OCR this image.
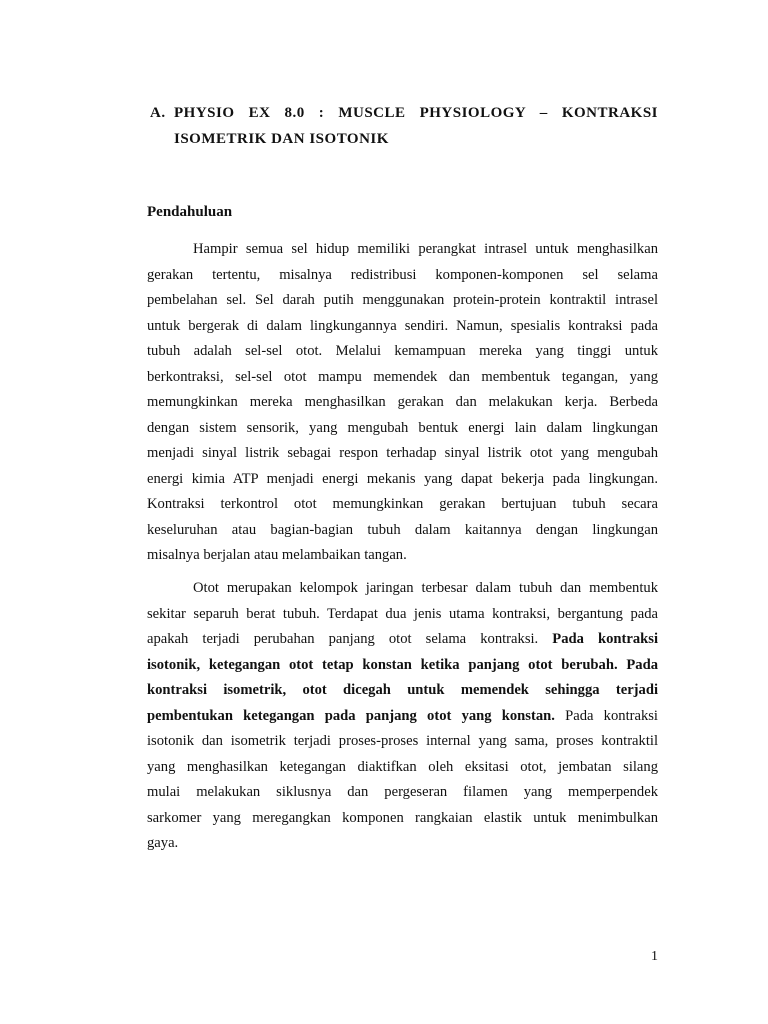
A. PHYSIO EX 8.0 : MUSCLE PHYSIOLOGY – KONTRAKSI
ISOMETRIK DAN ISOTONIK
Pendahuluan
Hampir semua sel hidup memiliki perangkat intrasel untuk menghasilkan
gerakan tertentu, misalnya redistribusi komponen-komponen sel selama
pembelahan sel. Sel darah putih menggunakan protein-protein kontraktil intrasel
untuk bergerak di dalam lingkungannya sendiri. Namun, spesialis kontraksi pada
tubuh adalah sel-sel otot. Melalui kemampuan mereka yang tinggi untuk
berkontraksi, sel-sel otot mampu memendek dan membentuk tegangan, yang
memungkinkan mereka menghasilkan gerakan dan melakukan kerja. Berbeda
dengan sistem sensorik, yang mengubah bentuk energi lain dalam lingkungan
menjadi sinyal listrik sebagai respon terhadap sinyal listrik otot yang mengubah
energi kimia ATP menjadi energi mekanis yang dapat bekerja pada lingkungan.
Kontraksi terkontrol otot memungkinkan gerakan bertujuan tubuh secara
keseluruhan atau bagian-bagian tubuh dalam kaitannya dengan lingkungan
misalnya berjalan atau melambaikan tangan.
Otot merupakan kelompok jaringan terbesar dalam tubuh dan membentuk
sekitar separuh berat tubuh. Terdapat dua jenis utama kontraksi, bergantung pada
apakah terjadi perubahan panjang otot selama kontraksi. Pada kontraksi
isotonik, ketegangan otot tetap konstan ketika panjang otot berubah. Pada
kontraksi isometrik, otot dicegah untuk memendek sehingga terjadi
pembentukan ketegangan pada panjang otot yang konstan. Pada kontraksi
isotonik dan isometrik terjadi proses-proses internal yang sama, proses kontraktil
yang menghasilkan ketegangan diaktifkan oleh eksitasi otot, jembatan silang
mulai melakukan siklusnya dan pergeseran filamen yang memperpendek
sarkomer yang meregangkan komponen rangkaian elastik untuk menimbulkan
gaya.
1
